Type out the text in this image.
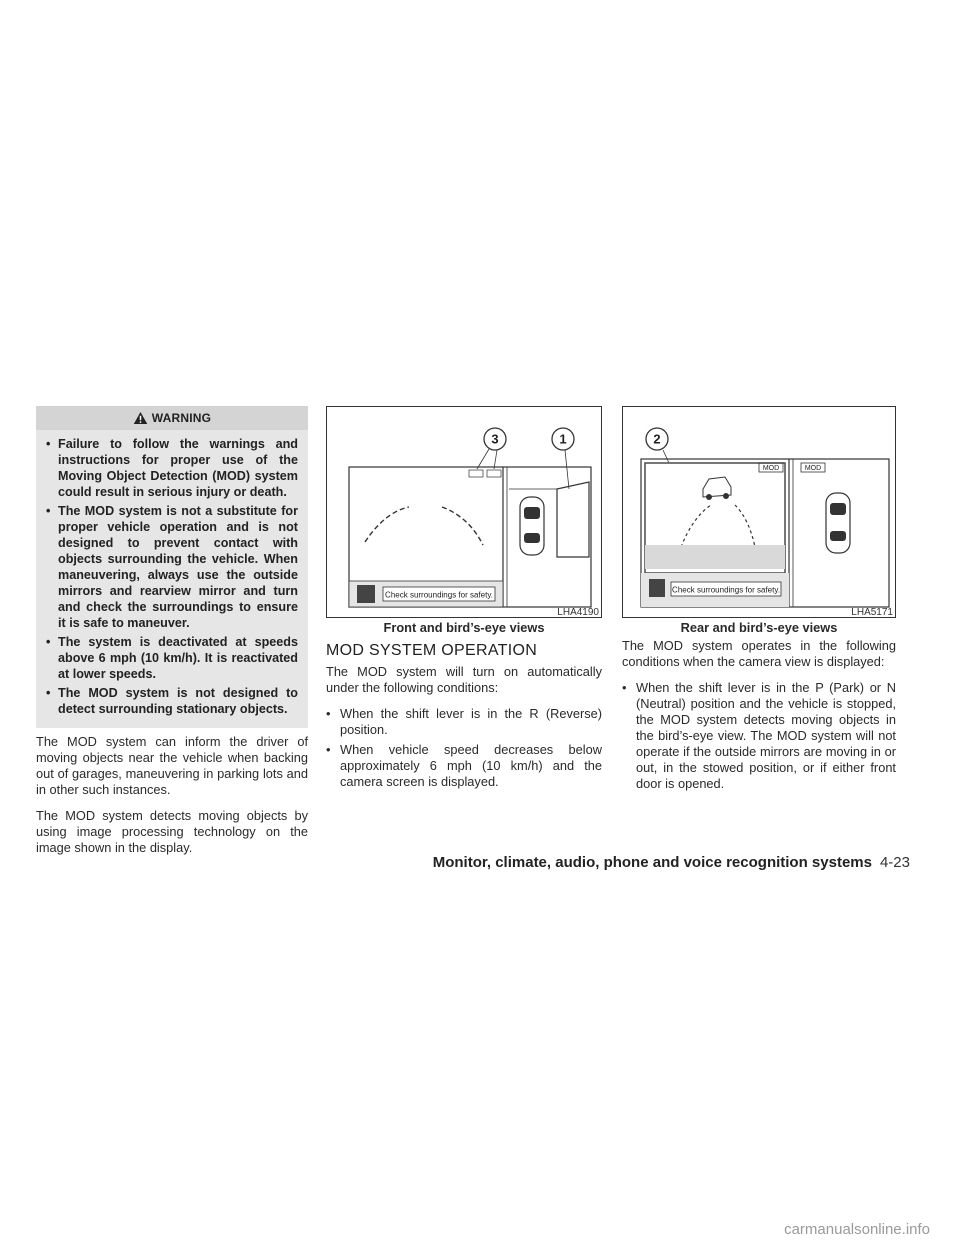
WARNING
• Failure to follow the warnings and instructions for proper use of the Moving Object Detection (MOD) system could result in serious injury or death.
• The MOD system is not a substitute for proper vehicle operation and is not designed to prevent contact with objects surrounding the vehicle. When maneuvering, always use the outside mirrors and rearview mirror and turn and check the surroundings to ensure it is safe to maneuver.
• The system is deactivated at speeds above 6 mph (10 km/h). It is reactivated at lower speeds.
• The MOD system is not designed to detect surrounding stationary objects.

The MOD system can inform the driver of moving objects near the vehicle when backing out of garages, maneuvering in parking lots and in other such instances.

The MOD system detects moving objects by using image processing technology on the image shown in the display.

3	1
Check surroundings for safety.
LHA4190
Front and bird’s-eye views
MOD SYSTEM OPERATION

The MOD system will turn on automatically under the following conditions:

• When the shift lever is in the R (Reverse) position.
• When vehicle speed decreases below approximately 6 mph (10 km/h) and the camera screen is displayed.
2
MOD	MOD
Check surroundings for safety.
LHA5171
Rear and bird’s-eye views

The MOD system operates in the following conditions when the camera view is displayed:

• When the shift lever is in the P (Park) or N (Neutral) position and the vehicle is stopped, the MOD system detects moving objects in the bird’s-eye view. The MOD system will not operate if the outside mirrors are moving in or out, in the stowed position, or if either front door is opened.
Monitor, climate, audio, phone and voice recognition systems 4-23
carmanualsonline.info
